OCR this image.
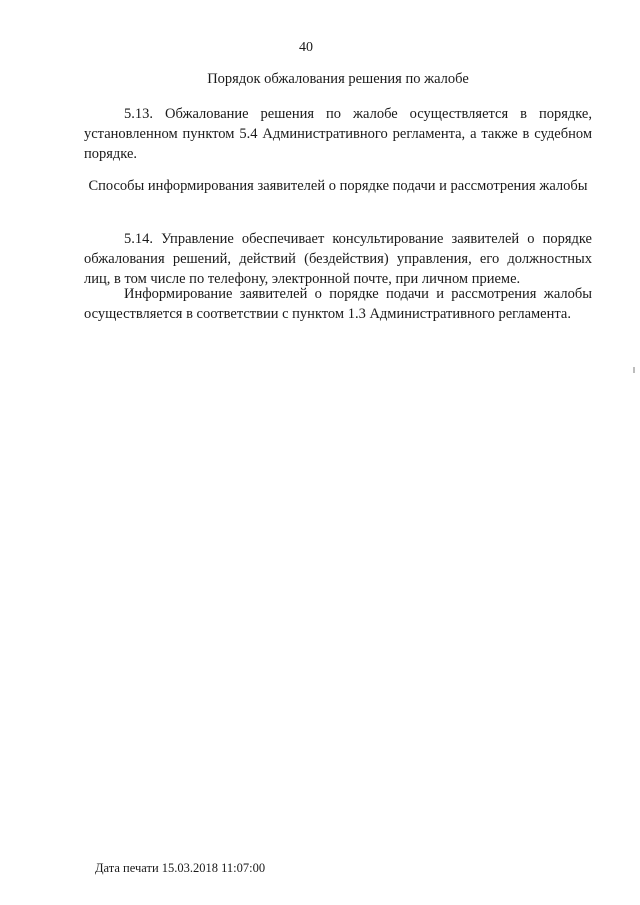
40
Порядок обжалования решения по жалобе

5.13. Обжалование решения по жалобе осуществляется в порядке, установленном пунктом 5.4 Административного регламента, а также в судебном порядке.

Способы информирования заявителей о порядке подачи и рассмотрения жалобы

5.14. Управление обеспечивает консультирование заявителей о порядке обжалования решений, действий (бездействия) управления, его должностных лиц, в том числе по телефону, электронной почте, при личном приеме.

Информирование заявителей о порядке подачи и рассмотрения жалобы осуществляется в соответствии с пунктом 1.3 Административного регламента.

Дата печати 15.03.2018 11:07:00
